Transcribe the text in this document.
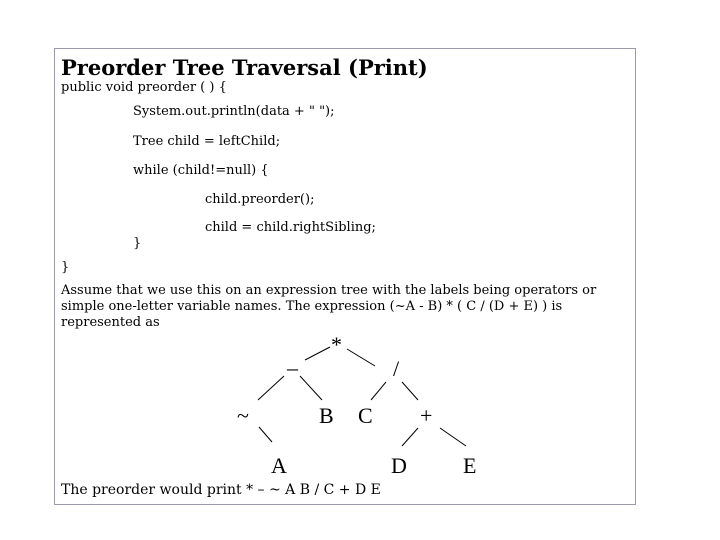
Preorder Tree Traversal (Print)
public void preorder ( ) {
System.out.println(data + " ");
Tree child = leftChild;
while (child!=null) {
child.preorder();
child = child.rightSibling;
}
}
Assume that we use this on an expression tree with the labels being operators or simple one-letter variable names. The expression (~A - B) * ( C / (D + E) ) is represented as
*
–	/
~	B C +
A	D	E
The preorder would print * – ~ A B / C + D E
